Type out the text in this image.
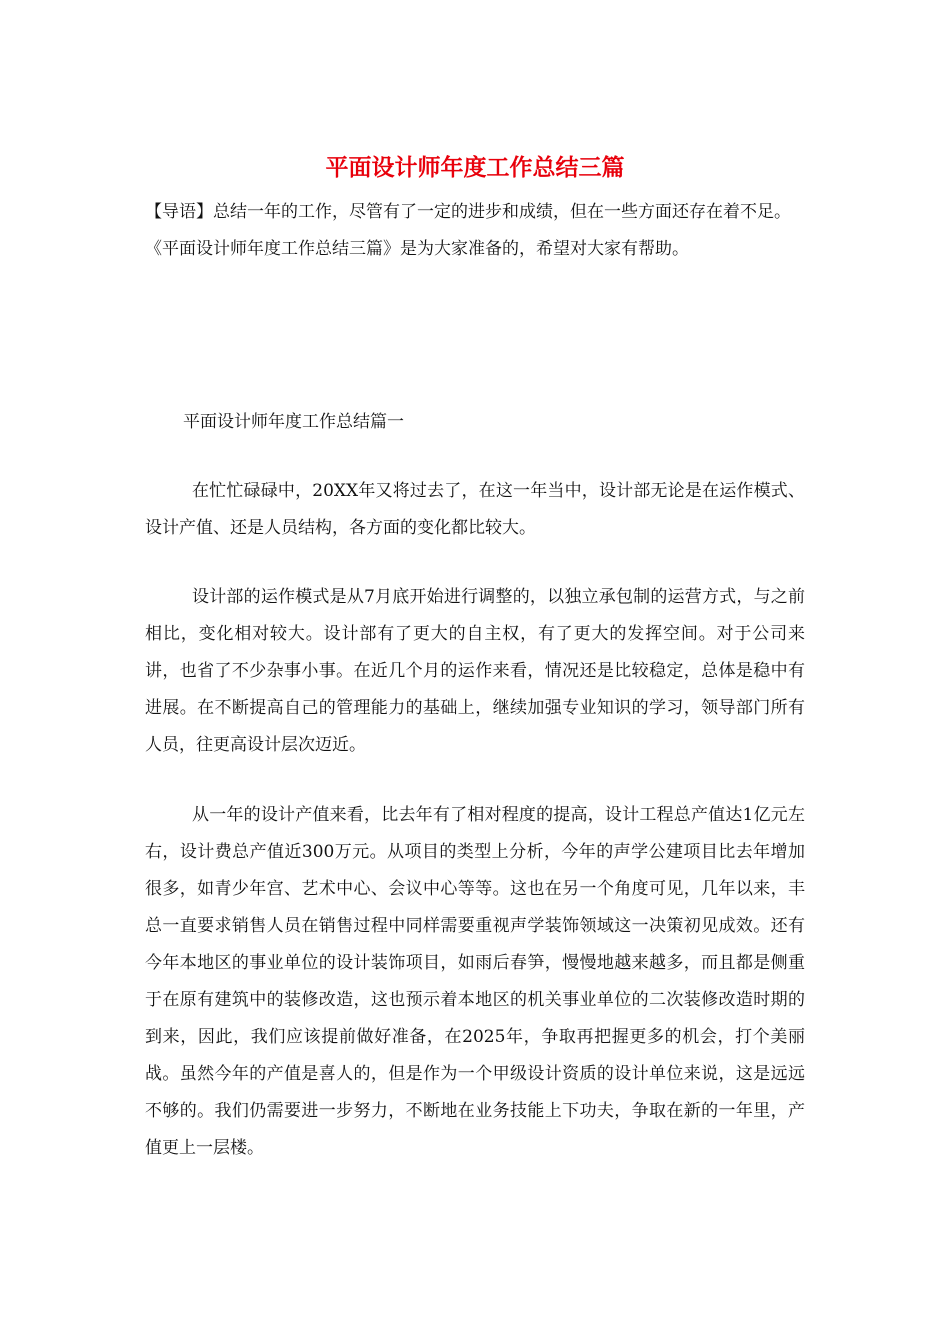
平面设计师年度工作总结三篇

【导语】总结一年的工作，尽管有了一定的进步和成绩，但在一些方面还存在着不足。《平面设计师年度工作总结三篇》是为大家准备的，希望对大家有帮助。

平面设计师年度工作总结篇一

在忙忙碌碌中，20XX年又将过去了，在这一年当中，设计部无论是在运作模式、设计产值、还是人员结构，各方面的变化都比较大。

设计部的运作模式是从7月底开始进行调整的，以独立承包制的运营方式，与之前相比，变化相对较大。设计部有了更大的自主权，有了更大的发挥空间。对于公司来讲，也省了不少杂事小事。在近几个月的运作来看，情况还是比较稳定，总体是稳中有进展。在不断提高自己的管理能力的基础上，继续加强专业知识的学习，领导部门所有人员，往更高设计层次迈近。

从一年的设计产值来看，比去年有了相对程度的提高，设计工程总产值达1亿元左右，设计费总产值近300万元。从项目的类型上分析，今年的声学公建项目比去年增加很多，如青少年宫、艺术中心、会议中心等等。这也在另一个角度可见，几年以来，丰总一直要求销售人员在销售过程中同样需要重视声学装饰领域这一决策初见成效。还有今年本地区的事业单位的设计装饰项目，如雨后春笋，慢慢地越来越多，而且都是侧重于在原有建筑中的装修改造，这也预示着本地区的机关事业单位的二次装修改造时期的到来，因此，我们应该提前做好准备，在2025年，争取再把握更多的机会，打个美丽战。虽然今年的产值是喜人的，但是作为一个甲级设计资质的设计单位来说，这是远远不够的。我们仍需要进一步努力，不断地在业务技能上下功夫，争取在新的一年里，产值更上一层楼。
